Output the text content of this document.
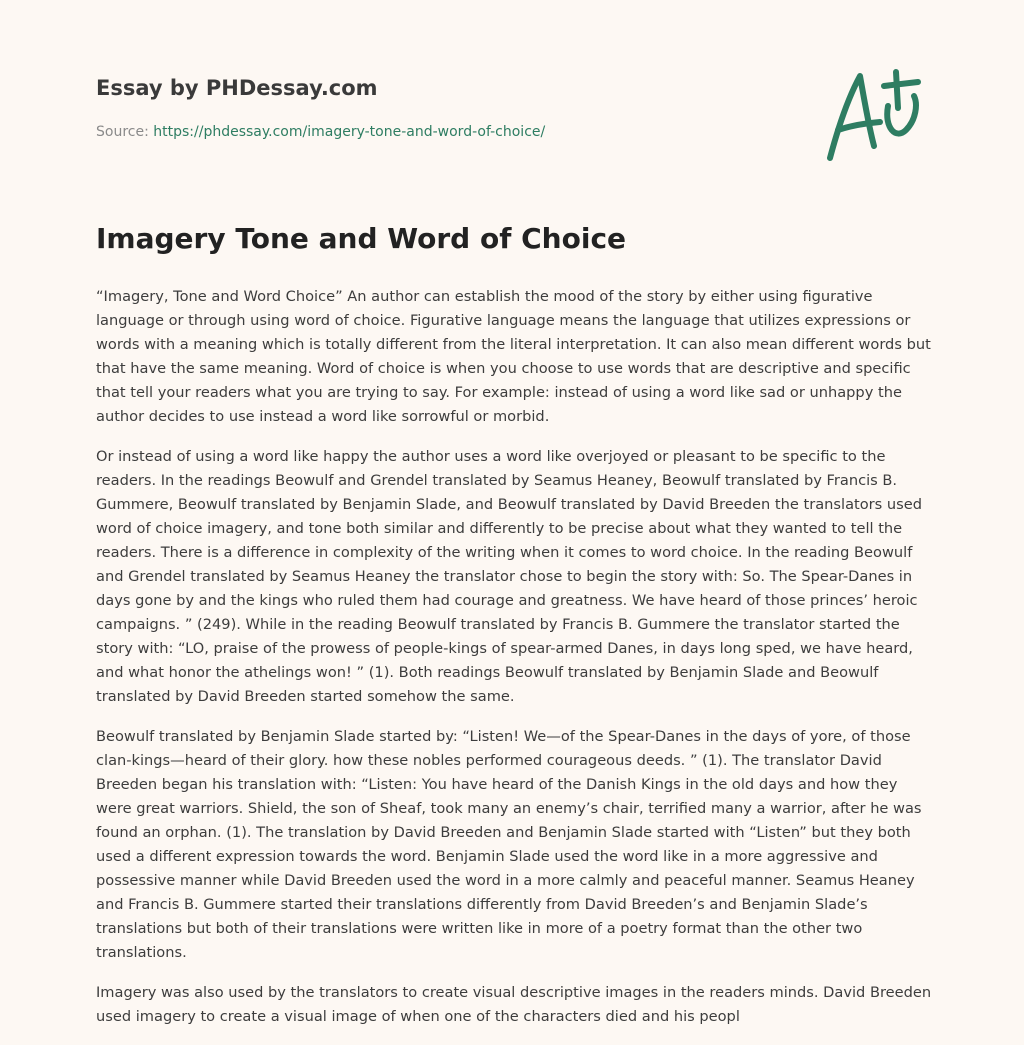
Essay by PHDessay.com
Source: https://phdessay.com/imagery-tone-and-word-of-choice/
Imagery Tone and Word of Choice

“Imagery, Tone and Word Choice” An author can establish the mood of the story by either using figurative language or through using word of choice. Figurative language means the language that utilizes expressions or words with a meaning which is totally different from the literal interpretation. It can also mean different words but that have the same meaning. Word of choice is when you choose to use words that are descriptive and specific that tell your readers what you are trying to say. For example: instead of using a word like sad or unhappy the author decides to use instead a word like sorrowful or morbid.

Or instead of using a word like happy the author uses a word like overjoyed or pleasant to be specific to the readers. In the readings Beowulf and Grendel translated by Seamus Heaney, Beowulf translated by Francis B. Gummere, Beowulf translated by Benjamin Slade, and Beowulf translated by David Breeden the translators used word of choice imagery, and tone both similar and differently to be precise about what they wanted to tell the readers. There is a difference in complexity of the writing when it comes to word choice. In the reading Beowulf and Grendel translated by Seamus Heaney the translator chose to begin the story with: So. The Spear-Danes in days gone by and the kings who ruled them had courage and greatness. We have heard of those princes’ heroic campaigns. ” (249). While in the reading Beowulf translated by Francis B. Gummere the translator started the story with: “LO, praise of the prowess of people-kings of spear-armed Danes, in days long sped, we have heard, and what honor the athelings won! ” (1). Both readings Beowulf translated by Benjamin Slade and Beowulf translated by David Breeden started somehow the same.

Beowulf translated by Benjamin Slade started by: “Listen! We—of the Spear-Danes in the days of yore, of those clan-kings—heard of their glory. how these nobles performed courageous deeds. ” (1). The translator David Breeden began his translation with: “Listen: You have heard of the Danish Kings in the old days and how they were great warriors. Shield, the son of Sheaf, took many an enemy’s chair, terrified many a warrior, after he was found an orphan. (1). The translation by David Breeden and Benjamin Slade started with “Listen” but they both used a different expression towards the word. Benjamin Slade used the word like in a more aggressive and possessive manner while David Breeden used the word in a more calmly and peaceful manner. Seamus Heaney and Francis B. Gummere started their translations differently from David Breeden’s and Benjamin Slade’s translations but both of their translations were written like in more of a poetry format than the other two translations.

Imagery was also used by the translators to create visual descriptive images in the readers minds. David Breeden used imagery to create a visual image of when one of the characters died and his peopl
